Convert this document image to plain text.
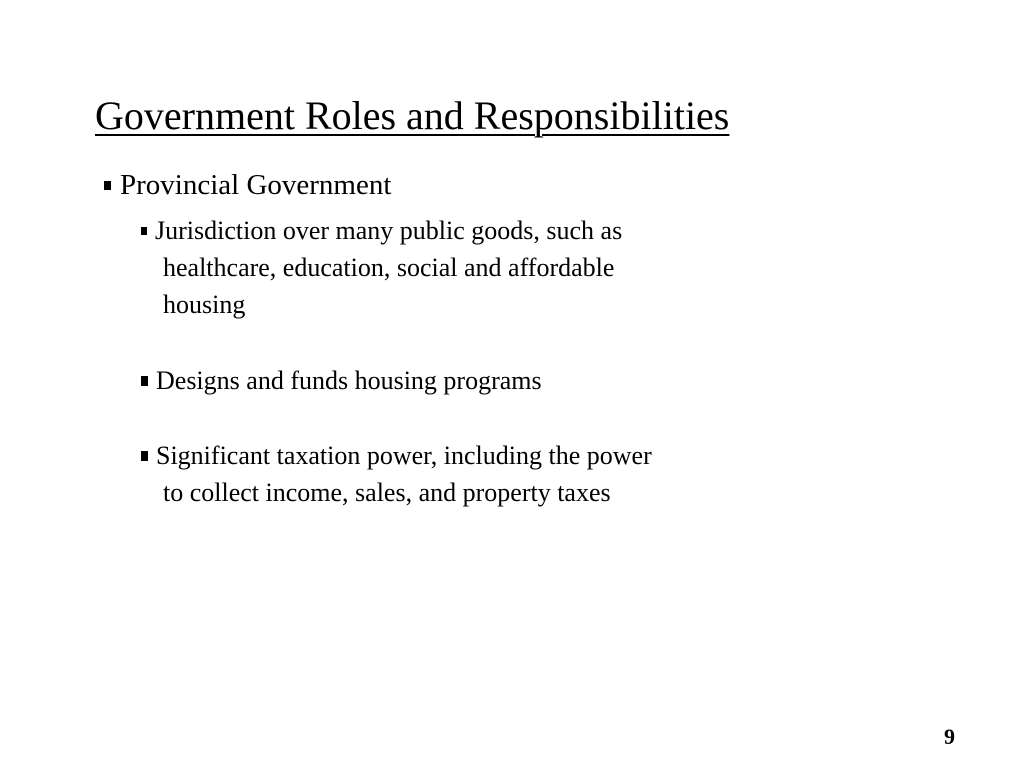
Government Roles and Responsibilities
Provincial Government
Jurisdiction over many public goods, such as
healthcare, education, social and affordable
housing
Designs and funds housing programs
Significant taxation power, including the power
to collect income, sales, and property taxes
9
